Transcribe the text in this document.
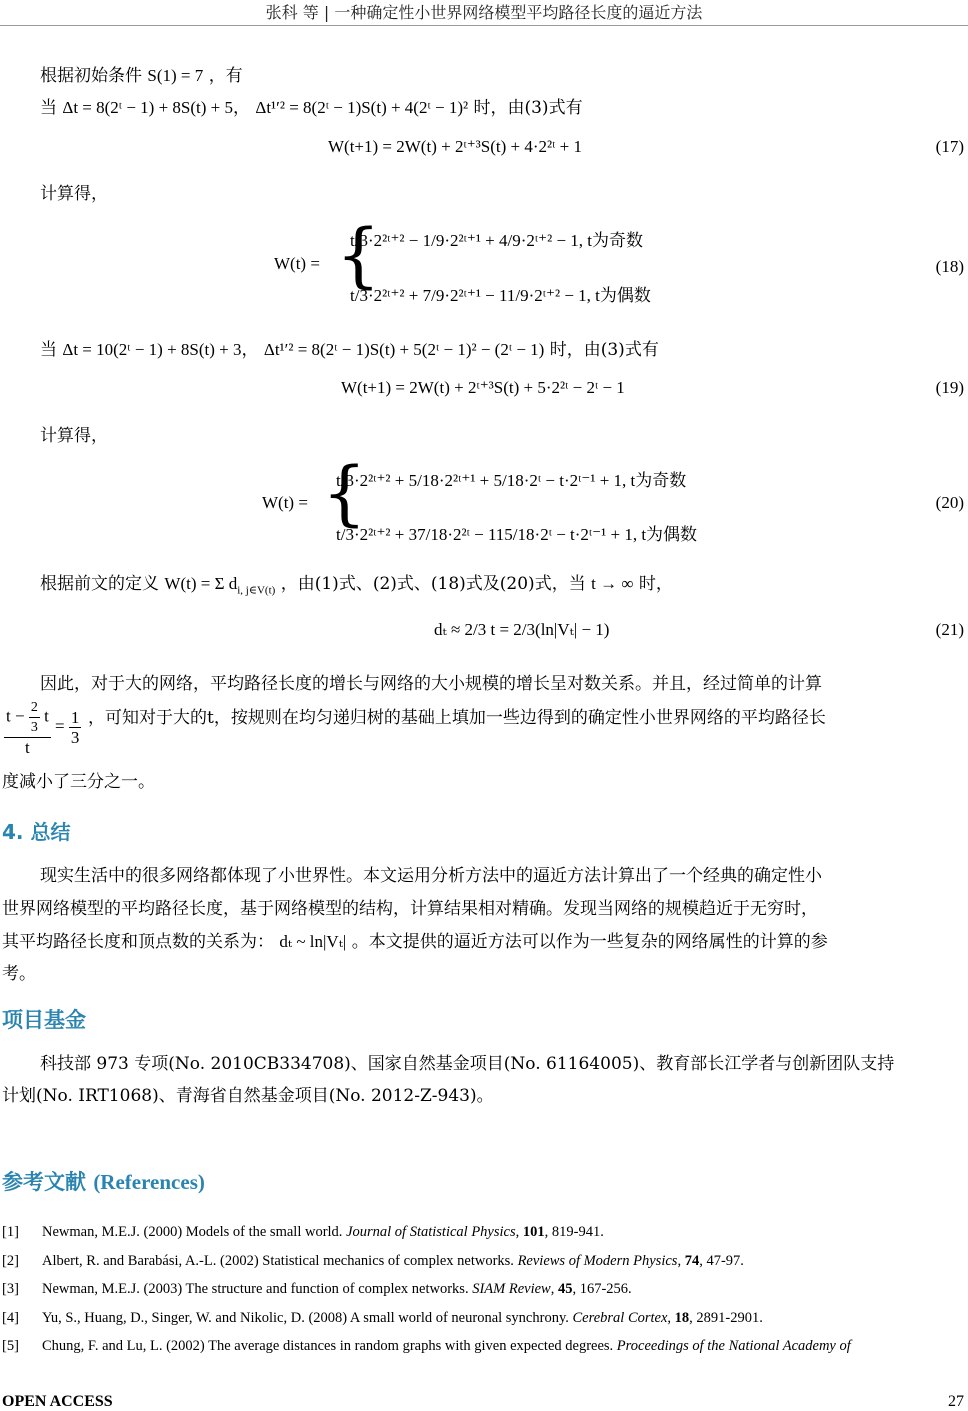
张科 等 | 一种确定性小世界网络模型平均路径长度的逼近方法
根据初始条件 S(1) = 7 ，有
当 Δt = 8(2ᵗ − 1) + 8S(t) + 5， Δt¹′² = 8(2ᵗ − 1)S(t) + 4(2ᵗ − 1)² 时，由(3)式有
W(t+1) = 2W(t) + 2ᵗ⁺³S(t) + 4·2²ᵗ + 1	(17)
计算得，
W(t) = {
t/3·2²ᵗ⁺² − 1/9·2²ᵗ⁺¹ + 4/9·2ᵗ⁺² − 1, t为奇数
t/3·2²ᵗ⁺² + 7/9·2²ᵗ⁺¹ − 11/9·2ᵗ⁺² − 1, t为偶数
(18)
当 Δt = 10(2ᵗ − 1) + 8S(t) + 3， Δt¹′² = 8(2ᵗ − 1)S(t) + 5(2ᵗ − 1)² − (2ᵗ − 1) 时，由(3)式有
W(t+1) = 2W(t) + 2ᵗ⁺³S(t) + 5·2²ᵗ − 2ᵗ − 1	(19)
计算得，
W(t) = {
t/3·2²ᵗ⁺² + 5/18·2²ᵗ⁺¹ + 5/18·2ᵗ − t·2ᵗ⁻¹ + 1, t为奇数
t/3·2²ᵗ⁺² + 37/18·2²ᵗ − 115/18·2ᵗ − t·2ᵗ⁻¹ + 1, t为偶数
(20)
根据前文的定义 W(t) = Σ $d_{i, j\in V(t)}$ ，由(1)式、(2)式、(18)式及(20)式，当 t → ∞ 时，
dₜ ≈ 2/3 t = 2/3(ln|Vₜ| − 1)	(21)
因此，对于大的网络，平均路径长度的增长与网络的大小规模的增长呈对数关系。并且，经过简单的计算
$\frac{t - \frac{2}{3} t}{t} = \frac{1}{3}$ ，可知对于大的t，按规则在均匀递归树的基础上填加一些边得到的确定性小世界网络的平均路径长
度减小了三分之一。
4. 总结
现实生活中的很多网络都体现了小世界性。本文运用分析方法中的逼近方法计算出了一个经典的确定性小
世界网络模型的平均路径长度，基于网络模型的结构，计算结果相对精确。发现当网络的规模趋近于无穷时，
其平均路径长度和顶点数的关系为： dₜ ~ ln|Vₜ| 。本文提供的逼近方法可以作为一些复杂的网络属性的计算的参
考。
项目基金
科技部 973 专项(No. 2010CB334708)、国家自然基金项目(No. 61164005)、教育部长江学者与创新团队支持
计划(No. IRT1068)、青海省自然基金项目(No. 2012-Z-943)。
参考文献 (References)
[1] Newman, M.E.J. (2000) Models of the small world. Journal of Statistical Physics, 101, 819-941.
[2] Albert, R. and Barabási, A.-L. (2002) Statistical mechanics of complex networks. Reviews of Modern Physics, 74, 47-97.
[3] Newman, M.E.J. (2003) The structure and function of complex networks. SIAM Review, 45, 167-256.
[4] Yu, S., Huang, D., Singer, W. and Nikolic, D. (2008) A small world of neuronal synchrony. Cerebral Cortex, 18, 2891-2901.
[5] Chung, F. and Lu, L. (2002) The average distances in random graphs with given expected degrees. Proceedings of the National Academy of
OPEN ACCESS	27
